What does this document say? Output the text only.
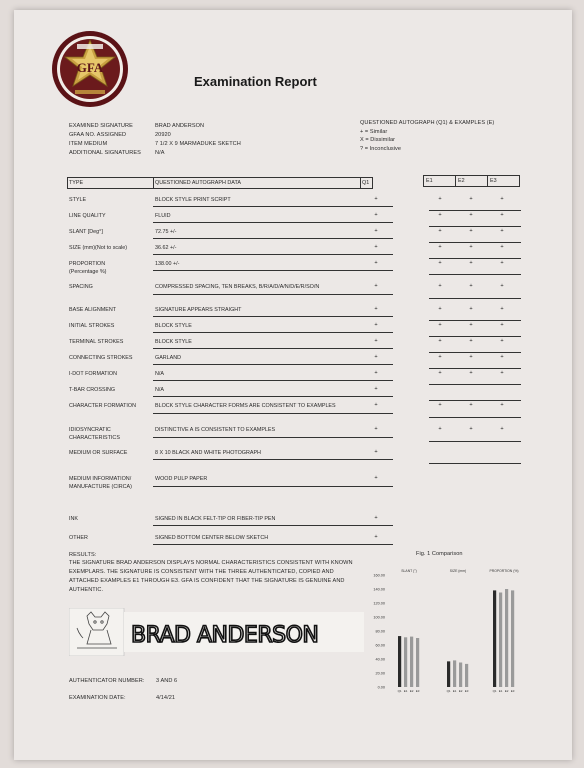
GFA
Examination Report
EXAMINED SIGNATURE	BRAD ANDERSON
GFAA NO. ASSIGNED	20920
ITEM MEDIUM	7 1/2 X 9 MARMADUKE SKETCH
ADDITIONAL SIGNATURES	N/A
QUESTIONED AUTOGRAPH (Q1) & EXAMPLES (E)
+ = Similar
X = Dissimilar
? = Inconclusive
TYPE	QUESTIONED AUTOGRAPH DATA	Q1	E1	E2	E3
STYLE	BLOCK STYLE PRINT SCRIPT	+	+	+	+
LINE QUALITY	FLUID	+	+	+	+
SLANT [Deg°]	72.75 +/-	+	+	+	+
SIZE (mm)(Not to scale)	36.62 +/-	+	+	+	+
PROPORTION
(Percentage %)
138.00 +/-	+	+	+	+
SPACING	COMPRESSED SPACING, TEN BREAKS, B/R/A/D/A/N/D/E/R/SO/N	+	+	+	+
BASE ALIGNMENT	SIGNATURE APPEARS STRAIGHT	+	+	+	+
INITIAL STROKES	BLOCK STYLE	+	+	+	+
TERMINAL STROKES	BLOCK STYLE	+	+	+	+
CONNECTING STROKES	GARLAND	+	+	+	+
I-DOT FORMATION	N/A	+	+	+	+
T-BAR CROSSING	N/A	+
CHARACTER FORMATION	BLOCK STYLE CHARACTER FORMS ARE CONSISTENT TO EXAMPLES	+	+	+	+
IDIOSYNCRATIC
CHARACTERISTICS
DISTINCTIVE A IS CONSISTENT TO EXAMPLES	+	+	+	+
MEDIUM OR SURFACE	8 X 10 BLACK AND WHITE PHOTOGRAPH	+
MEDIUM INFORMATION/
MANUFACTURE (CIRCA)
WOOD PULP PAPER	+
INK	SIGNED IN BLACK FELT-TIP OR FIBER-TIP PEN	+
OTHER	SIGNED BOTTOM CENTER BELOW SKETCH	+
RESULTS:
THE SIGNATURE BRAD ANDERSON DISPLAYS NORMAL CHARACTERISTICS CONSISTENT WITH KNOWN
EXEMPLARS. THE SIGNATURE IS CONSISTENT WITH THE THREE AUTHENTICATED, COPIED AND
ATTACHED EXAMPLES E1 THROUGH E3. GFA IS CONFIDENT THAT THE SIGNATURE IS GENUINE AND
AUTHENTIC.
BRAD ANDERSON
AUTHENTICATOR NUMBER: 3 AND 6
EXAMINATION DATE:	4/14/21
0.00
20.00
40.00
60.00
80.00
100.00
120.00
140.00
160.00
SLANT (°)
Q1 E1 E2 E3
SIZE (mm)
Q1 E1 E2 E3
PROPORTION (%)
Q1 E1 E2 E3
Fig. 1 Comparison
